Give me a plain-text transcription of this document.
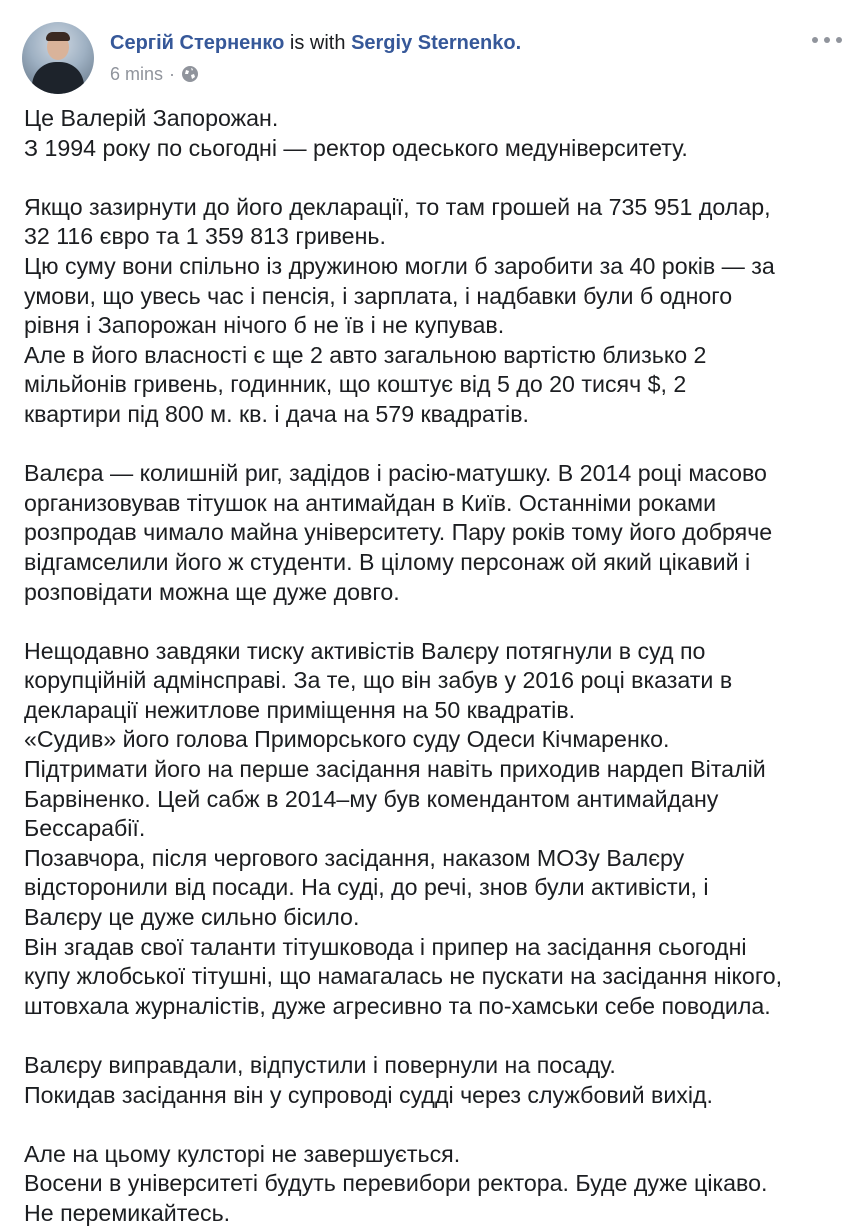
Сергій Стерненко is with Sergiy Sternenko.
6 mins ·
Це Валерій Запорожан.
З 1994 року по сьогодні — ректор одеського медуніверситету.
Якщо зазирнути до його декларації, то там грошей на 735 951 долар,
32 116 євро та 1 359 813 гривень.
Цю суму вони спільно із дружиною могли б заробити за 40 років — за
умови, що увесь час і пенсія, і зарплата, і надбавки були б одного
рівня і Запорожан нічого б не їв і не купував.
Але в його власності є ще 2 авто загальною вартістю близько 2
мільйонів гривень, годинник, що коштує від 5 до 20 тисяч $, 2
квартири під 800 м. кв. і дача на 579 квадратів.
Валєра — колишній риг, задідов і расію-матушку. В 2014 році масово
организовував тітушок на антимайдан в Київ. Останніми роками
розпродав чимало майна університету. Пару років тому його добряче
відгамселили його ж студенти. В цілому персонаж ой який цікавий і
розповідати можна ще дуже довго.
Нещодавно завдяки тиску активістів Валєру потягнули в суд по
корупційній адмінсправі. За те, що він забув у 2016 році вказати в
декларації нежитлове приміщення на 50 квадратів.
«Судив» його голова Приморського суду Одеси Кічмаренко.
Підтримати його на перше засідання навіть приходив нардеп Віталій
Барвіненко. Цей сабж в 2014–му був комендантом антимайдану
Бессарабії.
Позавчора, після чергового засідання, наказом МОЗу Валєру
відсторонили від посади. На суді, до речі, знов були активісти, і
Валєру це дуже сильно бісило.
Він згадав свої таланти тітушковода і припер на засідання сьогодні
купу жлобської тітушні, що намагалась не пускати на засідання нікого,
штовхала журналістів, дуже агресивно та по-хамськи себе поводила.
Валєру виправдали, відпустили і повернули на посаду.
Покидав засідання він у супроводі судді через службовий вихід.
Але на цьому кулсторі не завершується.
Восени в університеті будуть перевибори ректора. Буде дуже цікаво.
Не перемикайтесь.
